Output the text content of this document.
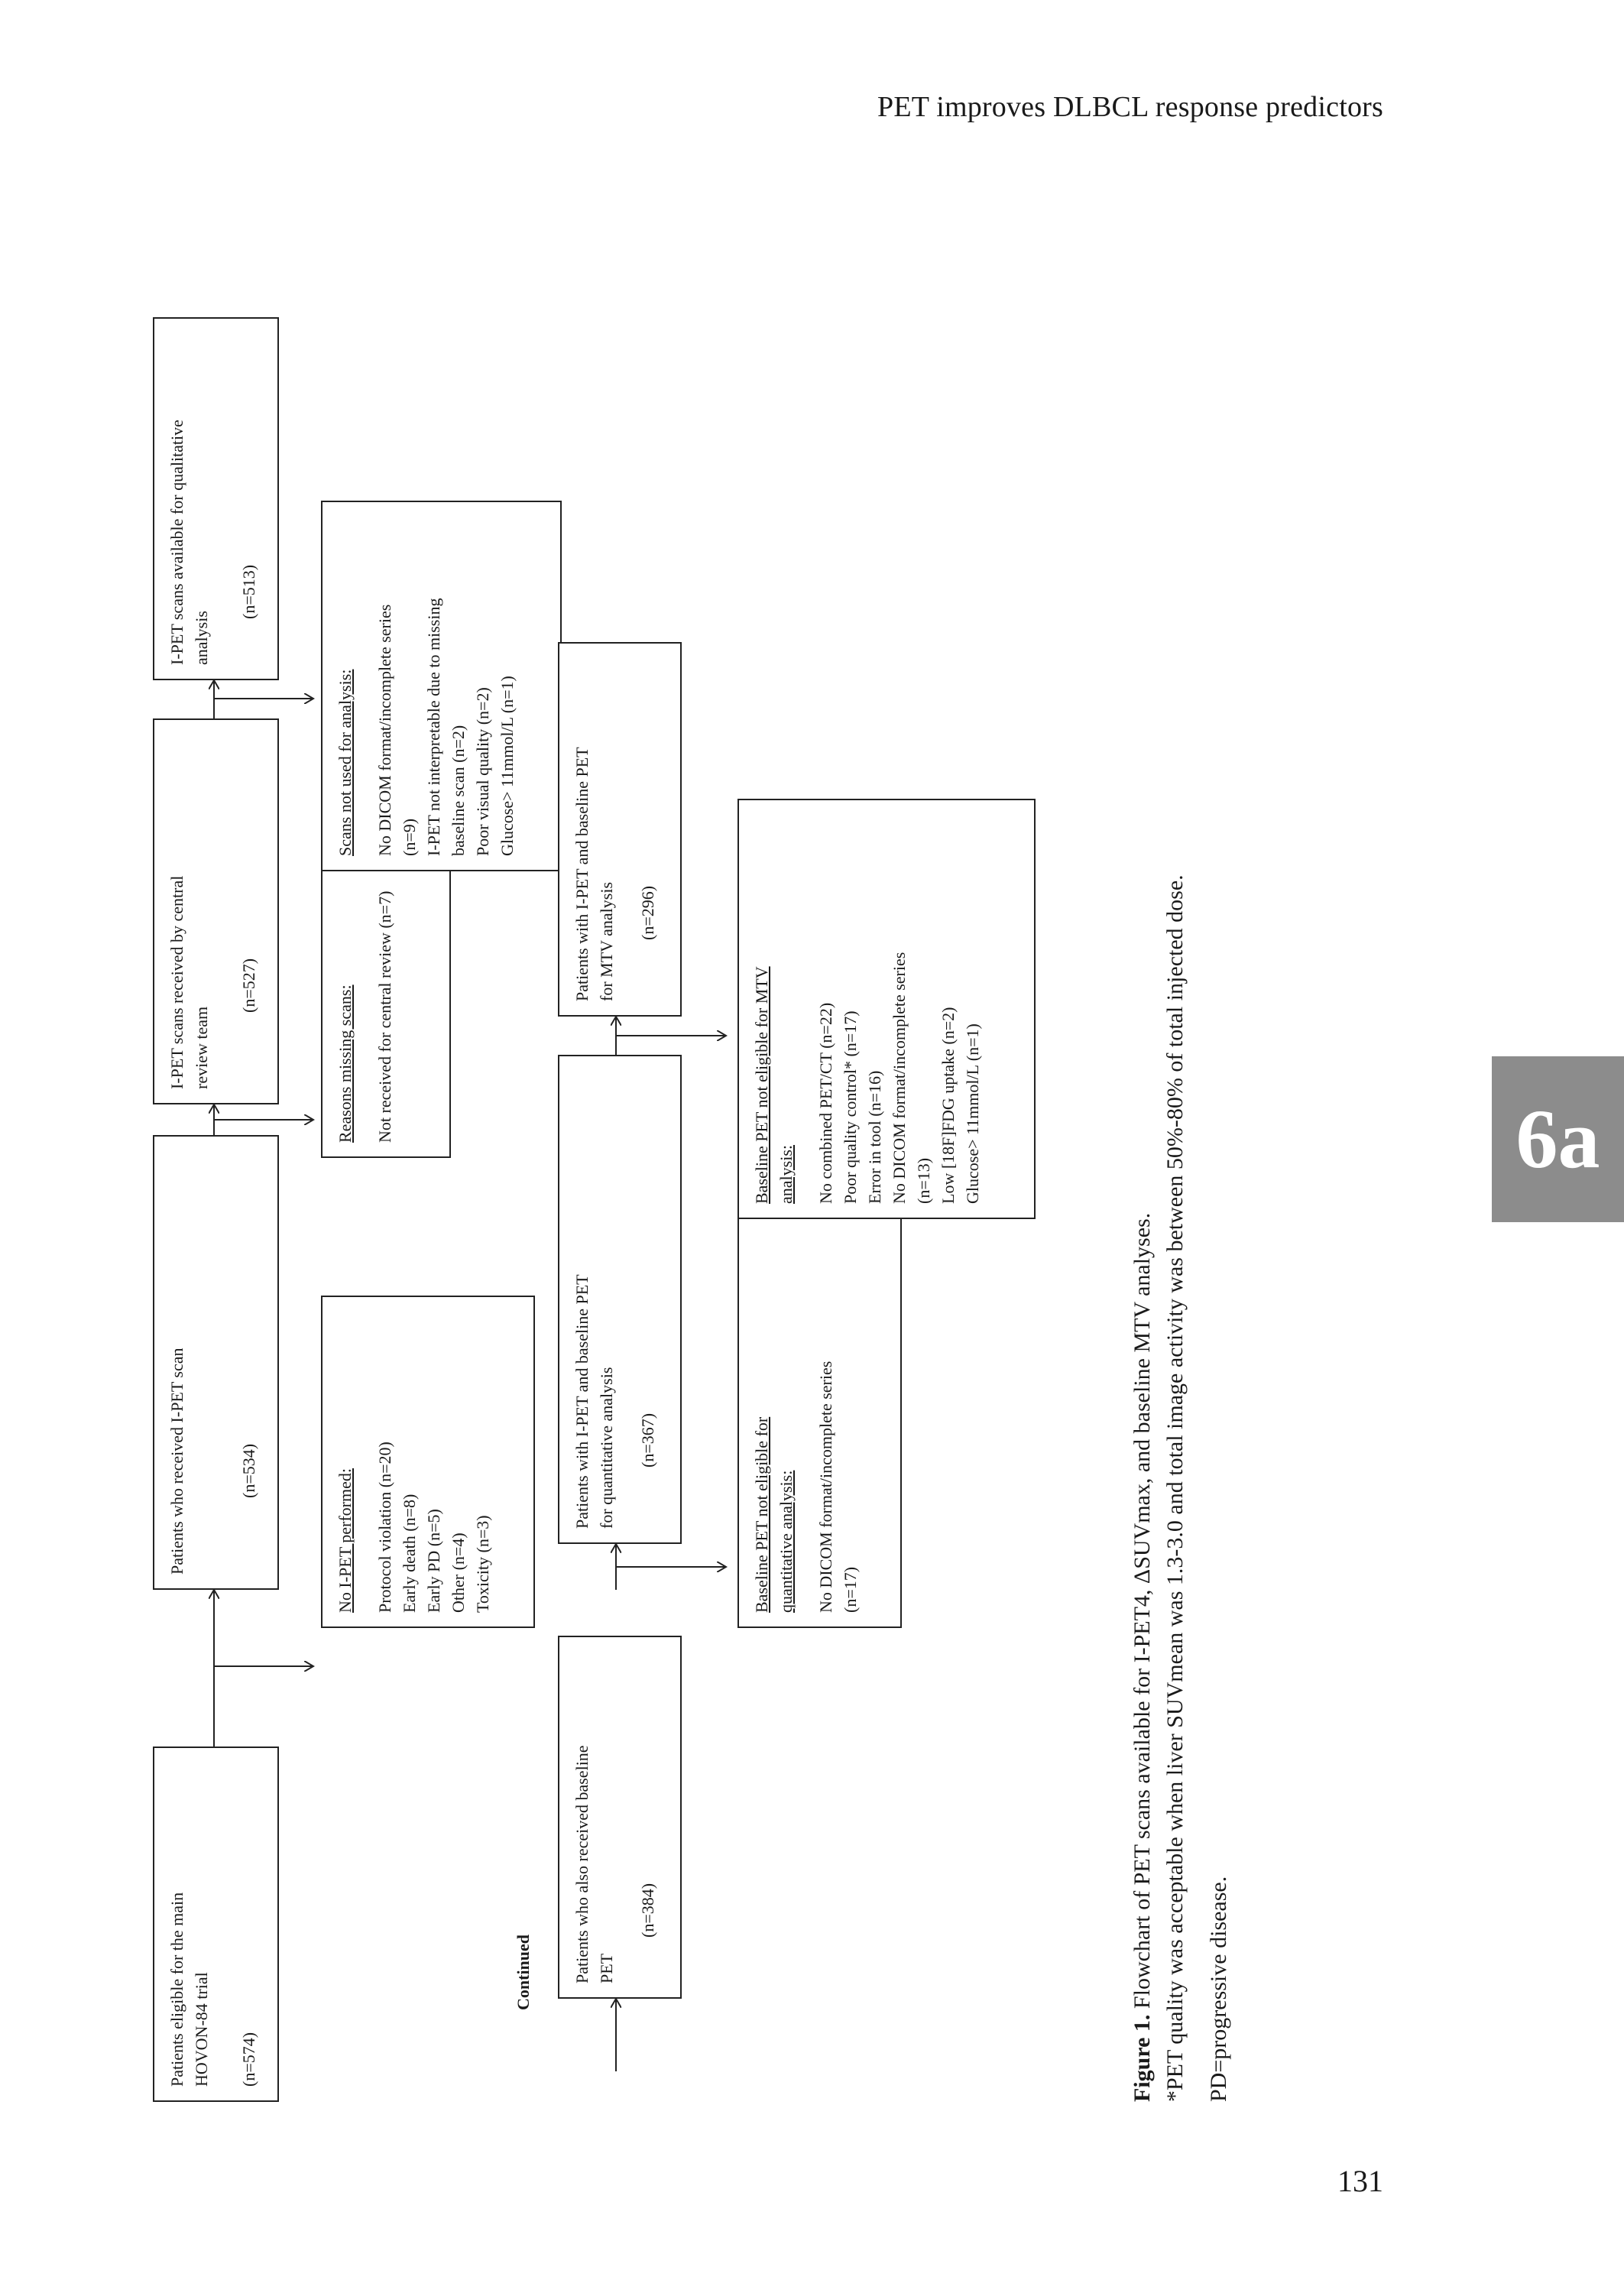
PET improves DLBCL response predictors
6a
131
Patients eligible for the main HOVON-84 trial (n=574)
Patients who received I-PET scan	(n=534)
I-PET scans received by central review team
(n=527)
I-PET scans available for qualitative analysis
(n=513)
No I-PET performed: Protocol violation (n=20) Early death (n=8) Early PD (n=5) Other (n=4) Toxicity (n=3)
Reasons missing scans: Not received for central review (n=7)
Scans not used for analysis: No DICOM format/incomplete series (n=9) I-PET not interpretable due to missing baseline scan (n=2) Poor visual quality (n=2) Glucose> 11mmol/L (n=1)
Continued Patients who also received baseline PET
(n=384)
Patients with I-PET and baseline PET for quantitative analysis (n=367)
Patients with I-PET and baseline PET for MTV analysis (n=296)
Baseline PET not eligible for quantitative analysis: No DICOM format/incomplete series (n=17)
Baseline PET not eligible for MTV analysis: No combined PET/CT (n=22) Poor quality control* (n=17) Error in tool (n=16) No DICOM format/incomplete series (n=13) Low [18F]FDG uptake (n=2) Glucose> 11mmol/L (n=1)
Figure 1. Flowchart of PET scans available for I-PET4, ΔSUVmax, and baseline MTV analyses. *PET quality was acceptable when liver SUVmean was 1.3-3.0 and total image activity was between 50%-80% of total injected dose. PD=progressive disease.
